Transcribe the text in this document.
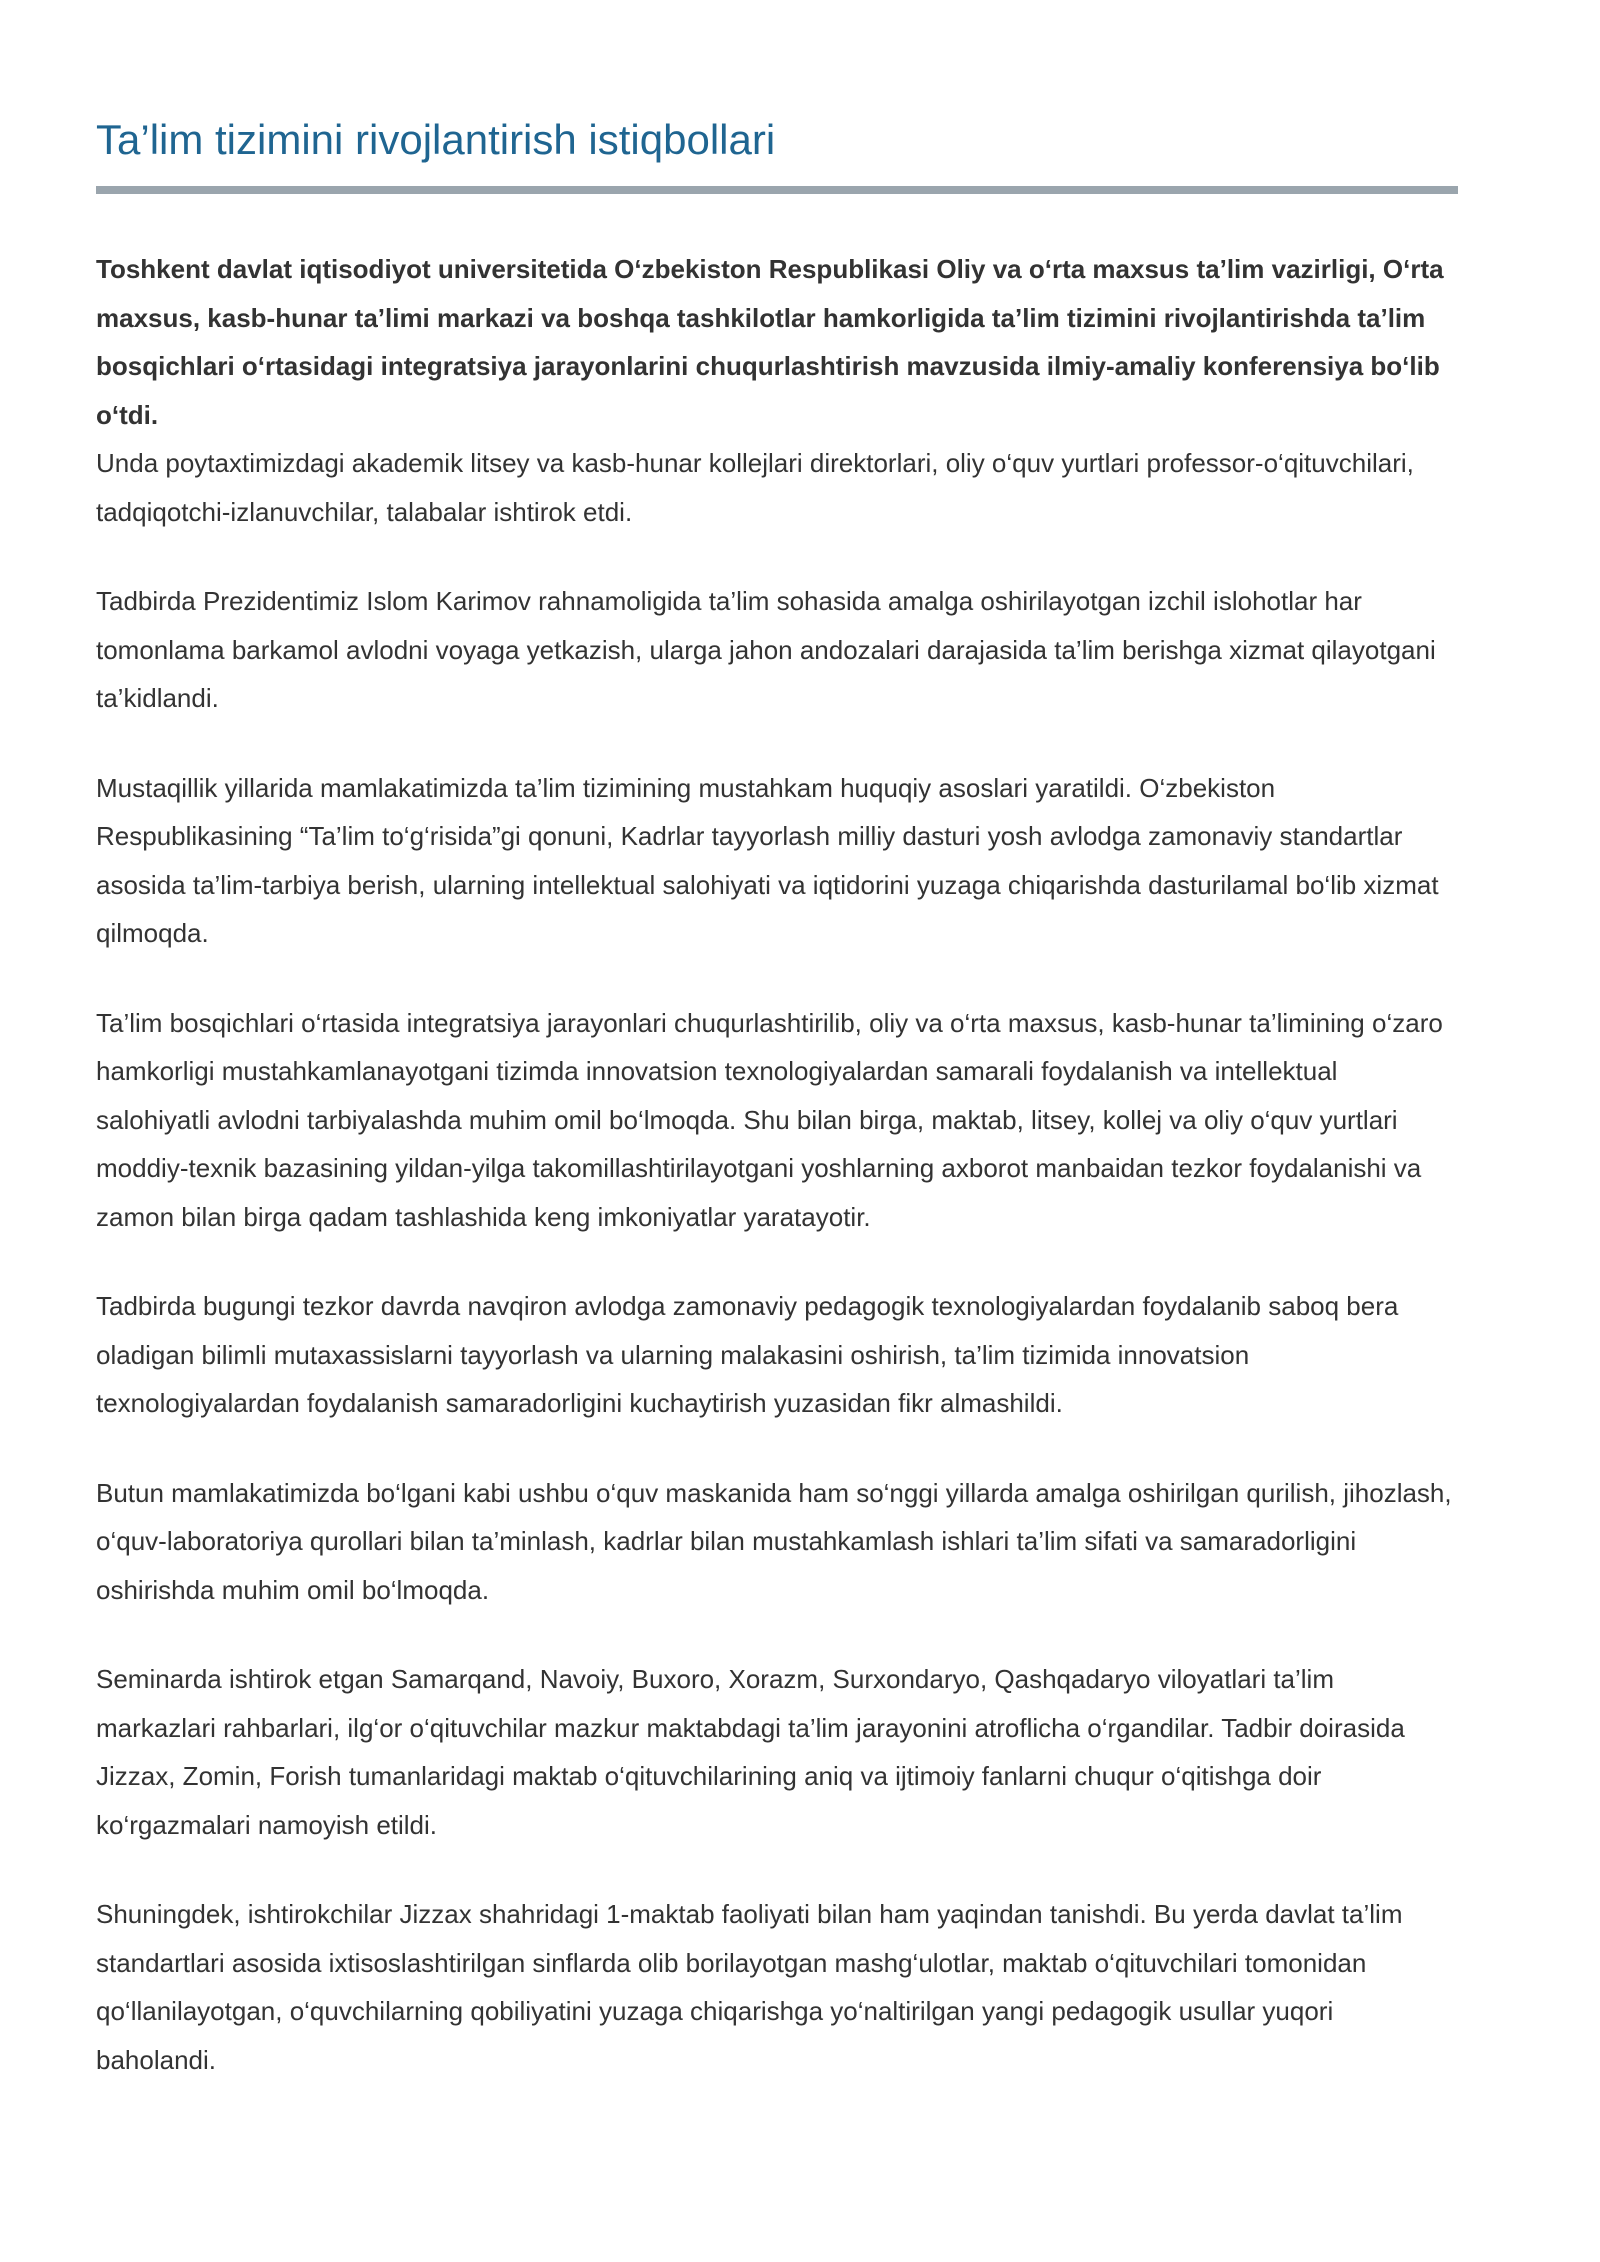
Ta’lim tizimini rivojlantirish istiqbollari

Toshkent davlat iqtisodiyot universitetida O‘zbekiston Respublikasi Oliy va o‘rta maxsus ta’lim vazirligi, O‘rta maxsus, kasb-hunar ta’limi markazi va boshqa tashkilotlar hamkorligida ta’lim tizimini rivojlantirishda ta’lim bosqichlari o‘rtasidagi integratsiya jarayonlarini chuqurlashtirish mavzusida ilmiy-amaliy konferensiya bo‘lib o‘tdi.
Unda poytaxtimizdagi akademik litsey va kasb-hunar kollejlari direktorlari, oliy o‘quv yurtlari professor-o‘qituvchilari, tadqiqotchi-izlanuvchilar, talabalar ishtirok etdi.

Tadbirda Prezidentimiz Islom Karimov rahnamoligida ta’lim sohasida amalga oshirilayotgan izchil islohotlar har tomonlama barkamol avlodni voyaga yetkazish, ularga jahon andozalari darajasida ta’lim berishga xizmat qilayotgani ta’kidlandi.

Mustaqillik yillarida mamlakatimizda ta’lim tizimining mustahkam huquqiy asoslari yaratildi. O‘zbekiston Respublikasining “Ta’lim to‘g‘risida”gi qonuni, Kadrlar tayyorlash milliy dasturi yosh avlodga zamonaviy standartlar asosida ta’lim-tarbiya berish, ularning intellektual salohiyati va iqtidorini yuzaga chiqarishda dasturilamal bo‘lib xizmat qilmoqda.

Ta’lim bosqichlari o‘rtasida integratsiya jarayonlari chuqurlashtirilib, oliy va o‘rta maxsus, kasb-hunar ta’limining o‘zaro hamkorligi mustahkamlanayotgani tizimda innovatsion texnologiyalardan samarali foydalanish va intellektual salohiyatli avlodni tarbiyalashda muhim omil bo‘lmoqda. Shu bilan birga, maktab, litsey, kollej va oliy o‘quv yurtlari moddiy-texnik bazasining yildan-yilga takomillashtirilayotgani yoshlarning axborot manbaidan tezkor foydalanishi va zamon bilan birga qadam tashlashida keng imkoniyatlar yaratayotir.

Tadbirda bugungi tezkor davrda navqiron avlodga zamonaviy pedagogik texnologiyalardan foydalanib saboq bera oladigan bilimli mutaxassislarni tayyorlash va ularning malakasini oshirish, ta’lim tizimida innovatsion texnologiyalardan foydalanish samaradorligini kuchaytirish yuzasidan fikr almashildi.

Butun mamlakatimizda bo‘lgani kabi ushbu o‘quv maskanida ham so‘nggi yillarda amalga oshirilgan qurilish, jihozlash, o‘quv-laboratoriya qurollari bilan ta’minlash, kadrlar bilan mustahkamlash ishlari ta’lim sifati va samaradorligini oshirishda muhim omil bo‘lmoqda.

Seminarda ishtirok etgan Samarqand, Navoiy, Buxoro, Xorazm, Surxondaryo, Qashqadaryo viloyatlari ta’lim markazlari rahbarlari, ilg‘or o‘qituvchilar mazkur maktabdagi ta’lim jarayonini atroflicha o‘rgandilar. Tadbir doirasida Jizzax, Zomin, Forish tumanlaridagi maktab o‘qituvchilarining aniq va ijtimoiy fanlarni chuqur o‘qitishga doir ko‘rgazmalari namoyish etildi.

Shuningdek, ishtirokchilar Jizzax shahridagi 1-maktab faoliyati bilan ham yaqindan tanishdi. Bu yerda davlat ta’lim standartlari asosida ixtisoslashtirilgan sinflarda olib borilayotgan mashg‘ulotlar, maktab o‘qituvchilari tomonidan qo‘llanilayotgan, o‘quvchilarning qobiliyatini yuzaga chiqarishga yo‘naltirilgan yangi pedagogik usullar yuqori baholandi.
